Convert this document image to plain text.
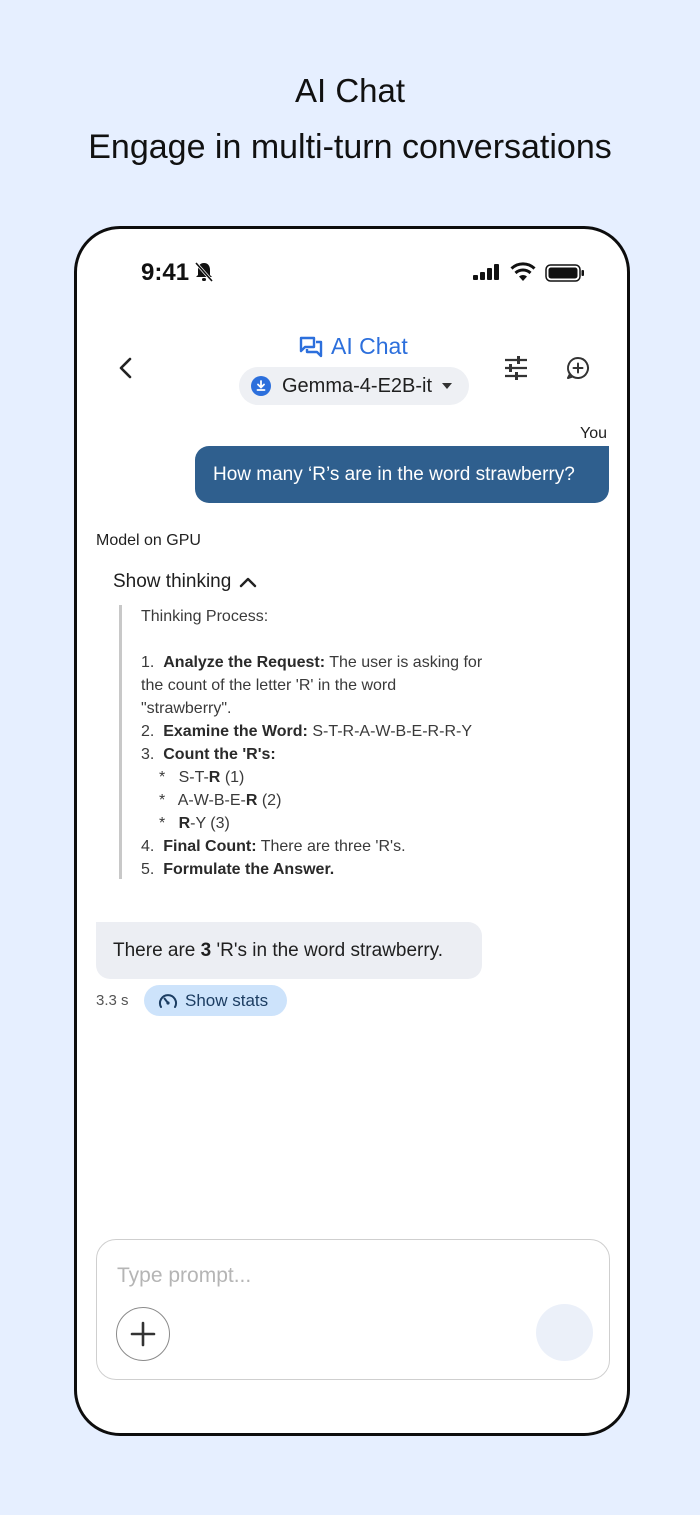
AI Chat
Engage in multi-turn conversations
9:41
AI Chat
Gemma-4-E2B-it
You
How many ‘R’s are in the word strawberry?
Model on GPU
Show thinking
Thinking Process:

1. Analyze the Request: The user is asking for
the count of the letter 'R' in the word
"strawberry".
2. Examine the Word: S-T-R-A-W-B-E-R-R-Y
3. Count the 'R's:
* S-T-R (1)
* A-W-B-E-R (2)
* R-Y (3)
4. Final Count: There are three 'R's.
5. Formulate the Answer.
There are
3
'R's in the word strawberry.
3.3 s	Show stats
Type prompt...
